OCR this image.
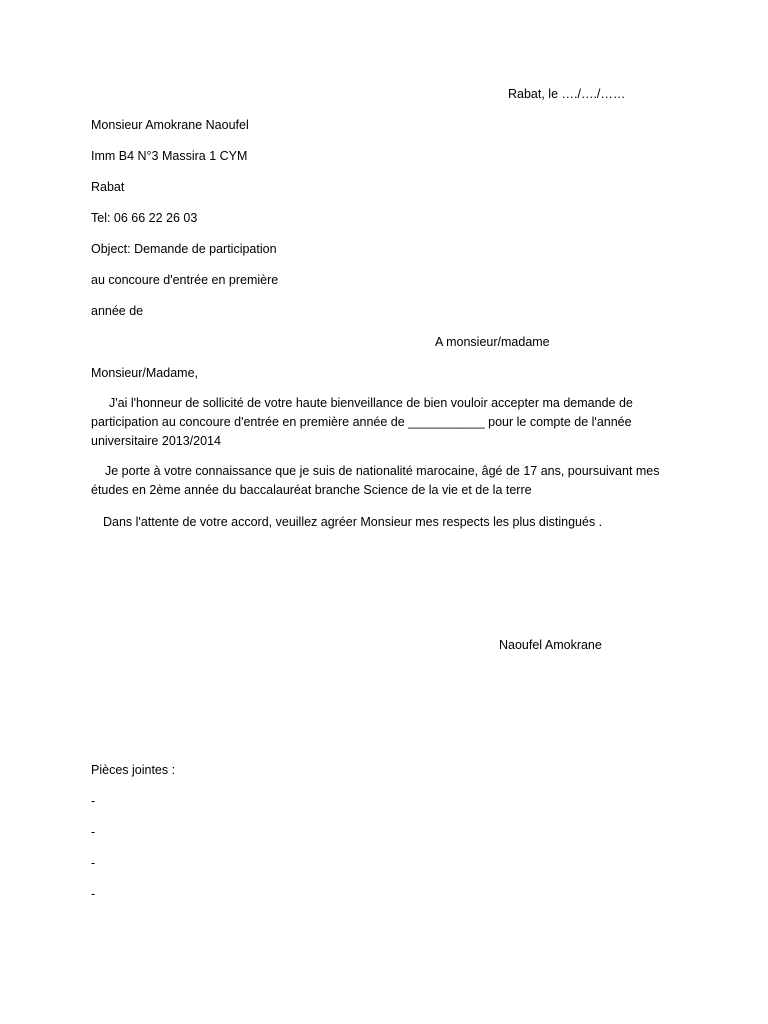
Rabat, le …./…./……
Monsieur Amokrane Naoufel
Imm B4 N°3 Massira 1 CYM
Rabat
Tel: 06 66 22 26 03
Object: Demande de participation
au concoure d'entrée en première
année de
A monsieur/madame
Monsieur/Madame,
J'ai l'honneur de sollicité de votre haute bienveillance de bien vouloir accepter ma demande de participation au concoure d'entrée en première année de ___________ pour le compte de l'année universitaire 2013/2014
Je porte à votre connaissance que je suis de nationalité marocaine, âgé de 17 ans, poursuivant mes études en 2ème année du baccalauréat branche Science de la vie et de la terre
Dans l'attente de votre accord, veuillez agréer Monsieur mes respects les plus distingués .
Naoufel Amokrane
Pièces jointes :
-
-
-
-
